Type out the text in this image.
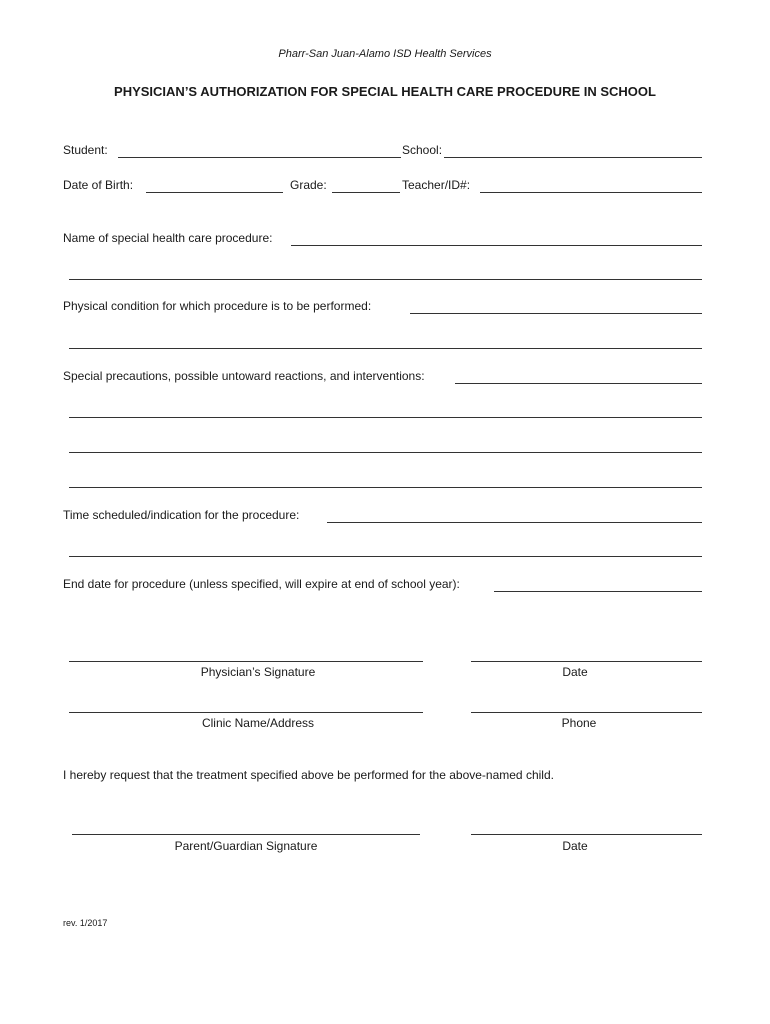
Pharr-San Juan-Alamo ISD Health Services
PHYSICIAN’S AUTHORIZATION FOR SPECIAL HEALTH CARE PROCEDURE IN SCHOOL
Student:	School:
Date of Birth:	Grade:	Teacher/ID#:
Name of special health care procedure:
Physical condition for which procedure is to be performed:
Special precautions, possible untoward reactions, and interventions:
Time scheduled/indication for the procedure:
End date for procedure (unless specified, will expire at end of school year):
Physician’s Signature	Date
Clinic Name/Address	Phone
I hereby request that the treatment specified above be performed for the above-named child.
Parent/Guardian Signature	Date
rev. 1/2017
